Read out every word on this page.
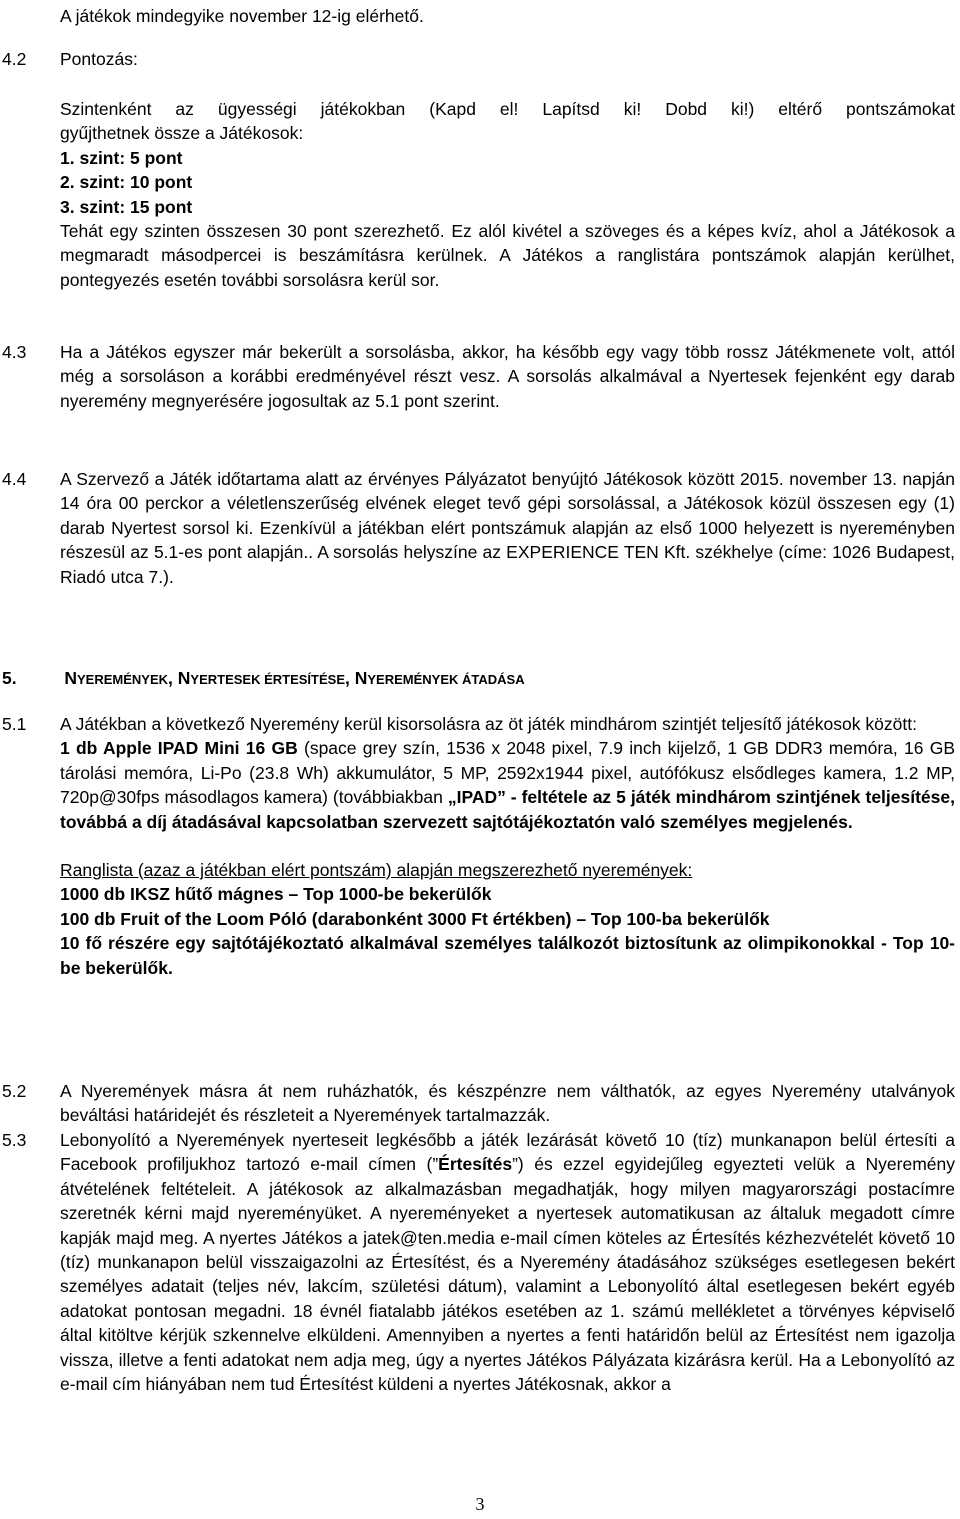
A játékok mindegyike november 12-ig elérhető.
4.2 Pontozás:
Szintenként az ügyességi játékokban (Kapd el! Lapítsd ki! Dobd ki!) eltérő pontszámokat
gyűjthetnek össze a Játékosok:
1. szint: 5 pont
2. szint: 10 pont
3. szint: 15 pont
Tehát egy szinten összesen 30 pont szerezhető. Ez alól kivétel a szöveges és a képes kvíz, ahol a Játékosok a megmaradt másodpercei is beszámításra kerülnek. A Játékos a ranglistára pontszámok alapján kerülhet, pontegyezés esetén további sorsolásra kerül sor.
4.3 Ha a Játékos egyszer már bekerült a sorsolásba, akkor, ha később egy vagy több rossz Játékmenete volt, attól még a sorsoláson a korábbi eredményével részt vesz. A sorsolás alkalmával a Nyertesek fejenként egy darab nyeremény megnyerésére jogosultak az 5.1 pont szerint.
4.4 A Szervező a Játék időtartama alatt az érvényes Pályázatot benyújtó Játékosok között 2015. november 13. napján 14 óra 00 perckor a véletlenszerűség elvének eleget tevő gépi sorsolással, a Játékosok közül összesen egy (1) darab Nyertest sorsol ki. Ezenkívül a játékban elért pontszámuk alapján az első 1000 helyezett is nyereményben részesül az 5.1-es pont alapján.. A sorsolás helyszíne az EXPERIENCE TEN Kft. székhelye (címe: 1026 Budapest, Riadó utca 7.).
5.	NYEREMÉNYEK, NYERTESEK ÉRTESÍTÉSE, NYEREMÉNYEK ÁTADÁSA
5.1 A Játékban a következő Nyeremény kerül kisorsolásra az öt játék mindhárom szintjét teljesítő játékosok között:
1 db Apple IPAD Mini 16 GB (space grey szín, 1536 x 2048 pixel, 7.9 inch kijelző, 1 GB DDR3 memóra, 16 GB tárolási memóra, Li-Po (23.8 Wh) akkumulátor, 5 MP, 2592x1944 pixel, autófókusz elsődleges kamera, 1.2 MP, 720p@30fps másodlagos kamera) (továbbiakban „IPAD” - feltétele az 5 játék mindhárom szintjének teljesítése, továbbá a díj átadásával kapcsolatban szervezett sajtótájékoztatón való személyes megjelenés.
Ranglista (azaz a játékban elért pontszám) alapján megszerezhető nyeremények:
1000 db IKSZ hűtő mágnes – Top 1000-be bekerülők
100 db Fruit of the Loom Póló (darabonként 3000 Ft értékben) – Top 100-ba bekerülők
10 fő részére egy sajtótájékoztató alkalmával személyes találkozót biztosítunk az olimpikonokkal - Top 10-be bekerülők.
5.2 A Nyeremények másra át nem ruházhatók, és készpénzre nem válthatók, az egyes Nyeremény utalványok beváltási határidejét és részleteit a Nyeremények tartalmazzák.
5.3 Lebonyolító a Nyeremények nyerteseit legkésőbb a játék lezárását követő 10 (tíz) munkanapon belül értesíti a Facebook profiljukhoz tartozó e-mail címen (”Értesítés”) és ezzel egyidejűleg egyezteti velük a Nyeremény átvételének feltételeit. A játékosok az alkalmazásban megadhatják, hogy milyen magyarországi postacímre szeretnék kérni majd nyereményüket. A nyereményeket a nyertesek automatikusan az általuk megadott címre kapják majd meg. A nyertes Játékos a jatek@ten.media e-mail címen köteles az Értesítés kézhezvételét követő 10 (tíz) munkanapon belül visszaigazolni az Értesítést, és a Nyeremény átadásához szükséges esetlegesen bekért személyes adatait (teljes név, lakcím, születési dátum), valamint a Lebonyolító által esetlegesen bekért egyéb adatokat pontosan megadni. 18 évnél fiatalabb játékos esetében az 1. számú mellékletet a törvényes képviselő által kitöltve kérjük szkennelve elküldeni. Amennyiben a nyertes a fenti határidőn belül az Értesítést nem igazolja vissza, illetve a fenti adatokat nem adja meg, úgy a nyertes Játékos Pályázata kizárásra kerül. Ha a Lebonyolító az e-mail cím hiányában nem tud Értesítést küldeni a nyertes Játékosnak, akkor a
3
